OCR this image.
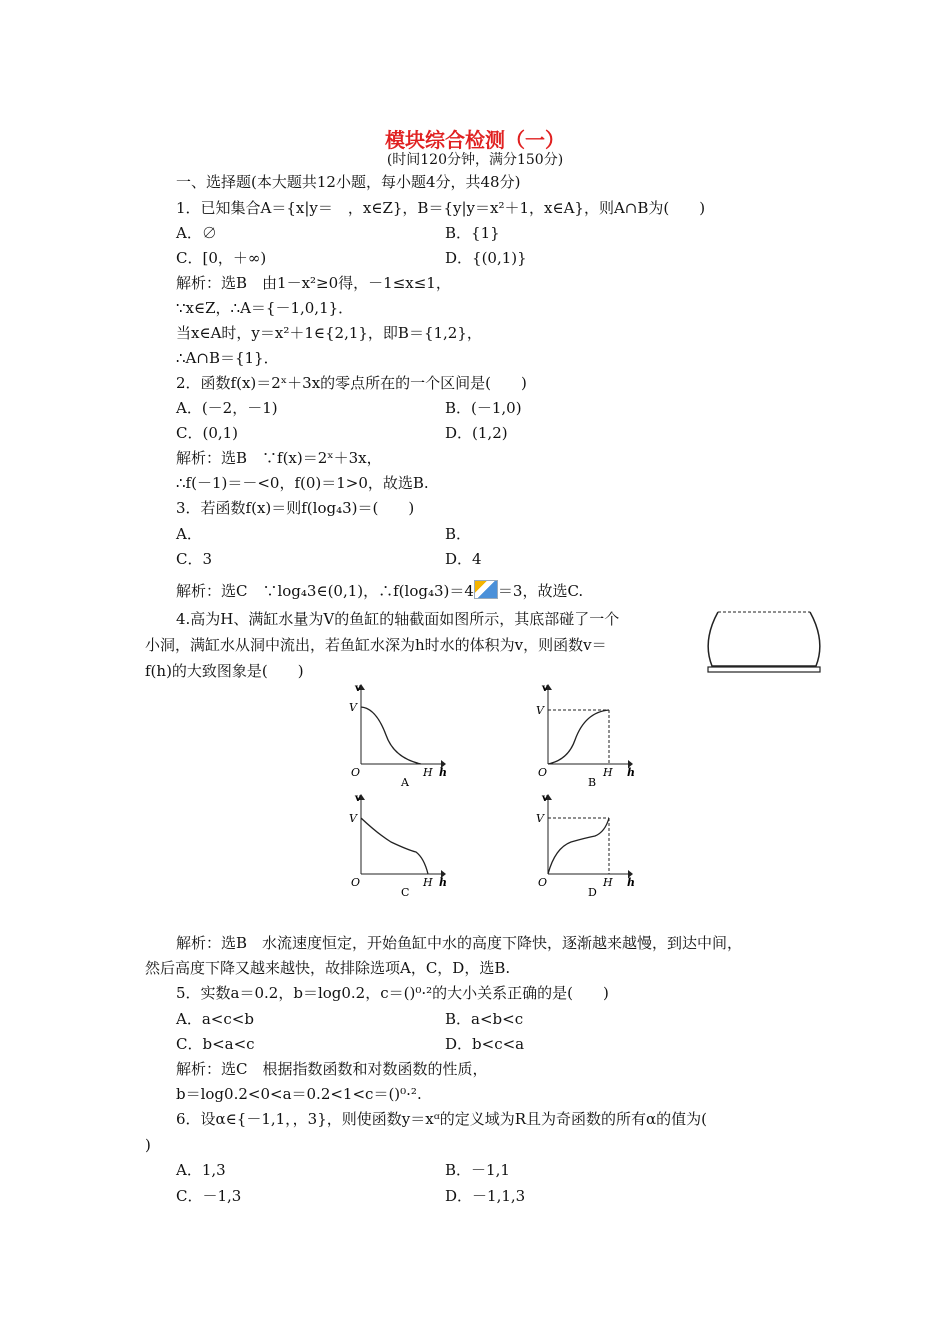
模块综合检测（一）
(时间120分钟，满分150分)
一、选择题(本大题共12小题，每小题4分，共48分)
1．已知集合A＝{x|y＝　，x∈Z}，B＝{y|y＝x²＋1，x∈A}，则A∩B为(　　)
A．∅	B．{1}
C．[0，＋∞)	D．{(0,1)}
解析：选B　由1－x²≥0得，－1≤x≤1，
∵x∈Z，∴A＝{－1,0,1}．
当x∈A时，y＝x²＋1∈{2,1}，即B＝{1,2}，
∴A∩B＝{1}．
2．函数f(x)＝2ˣ＋3x的零点所在的一个区间是(　　)
A．(－2，－1)	B．(－1,0)
C．(0,1)	D．(1,2)
解析：选B　∵f(x)＝2ˣ＋3x，
∴f(－1)＝－<0，f(0)＝1>0，故选B.
3．若函数f(x)＝则f(log₄3)＝(　　)
A．	B．
C．3	D．4
解析：选C　∵log₄3∈(0,1)，∴f(log₄3)＝4 ＝3，故选C.
4.高为H、满缸水量为V的鱼缸的轴截面如图所示，其底部碰了一个
小洞，满缸水从洞中流出，若鱼缸水深为h时水的体积为v，则函数v＝
f(h)的大致图象是(　　)
v
V
O	H h
A
v
V
O	H h
B
v
V
O	H h
C
v
V
O	H h
D
解析：选B　水流速度恒定，开始鱼缸中水的高度下降快，逐渐越来越慢，到达中间，
然后高度下降又越来越快，故排除选项A，C，D，选B.
5．实数a＝0.2，b＝log0.2，c＝()⁰·²的大小关系正确的是(　　)
A．a<c<b	B．a<b<c
C．b<a<c	D．b<c<a
解析：选C　根据指数函数和对数函数的性质，
b＝log0.2<0<a＝0.2<1<c＝()⁰·².
6．设α∈{－1,1，，3}，则使函数y＝xᵅ的定义域为R且为奇函数的所有α的值为(
)
A．1,3	B．－1,1
C．－1,3	D．－1,1,3
